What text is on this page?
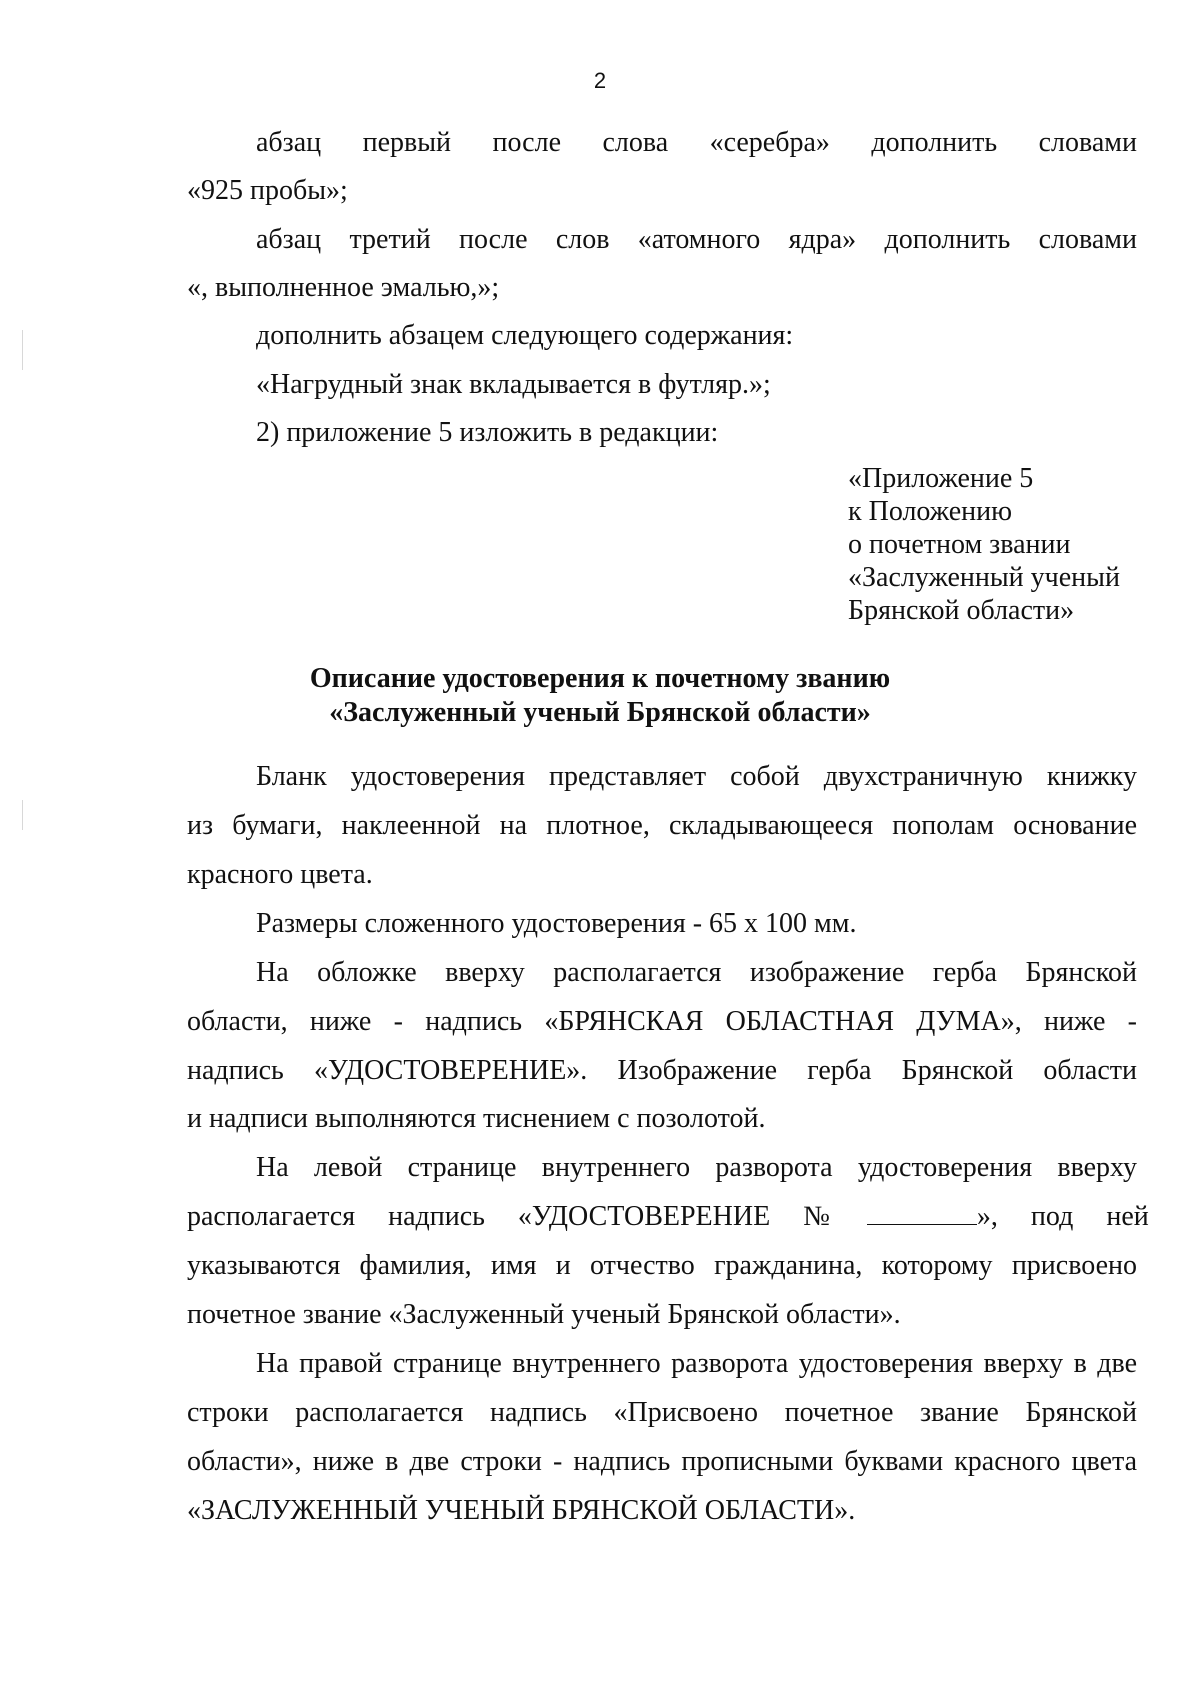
2
абзац первый после слова «серебра» дополнить словами
«925 пробы»;
абзац третий после слов «атомного ядра» дополнить словами
«, выполненное эмалью,»;
дополнить абзацем следующего содержания:
«Нагрудный знак вкладывается в футляр.»;
2) приложение 5 изложить в редакции:
«Приложение 5
к Положению
о почетном звании
«Заслуженный ученый
Брянской области»
Описание удостоверения к почетному званию
«Заслуженный ученый Брянской области»
Бланк удостоверения представляет собой двухстраничную книжку
из бумаги, наклеенной на плотное, складывающееся пополам основание
красного цвета.
Размеры сложенного удостоверения - 65 х 100 мм.
На обложке вверху располагается изображение герба Брянской
области, ниже - надпись «БРЯНСКАЯ ОБЛАСТНАЯ ДУМА», ниже -
надпись «УДОСТОВЕРЕНИЕ». Изображение герба Брянской области
и надписи выполняются тиснением с позолотой.
На левой странице внутреннего разворота удостоверения вверху
располагается надпись «УДОСТОВЕРЕНИЕ №	», под ней
указываются фамилия, имя и отчество гражданина, которому присвоено
почетное звание «Заслуженный ученый Брянской области».
На правой странице внутреннего разворота удостоверения вверху в две
строки располагается надпись «Присвоено почетное звание Брянской
области», ниже в две строки - надпись прописными буквами красного цвета
«ЗАСЛУЖЕННЫЙ УЧЕНЫЙ БРЯНСКОЙ ОБЛАСТИ».
